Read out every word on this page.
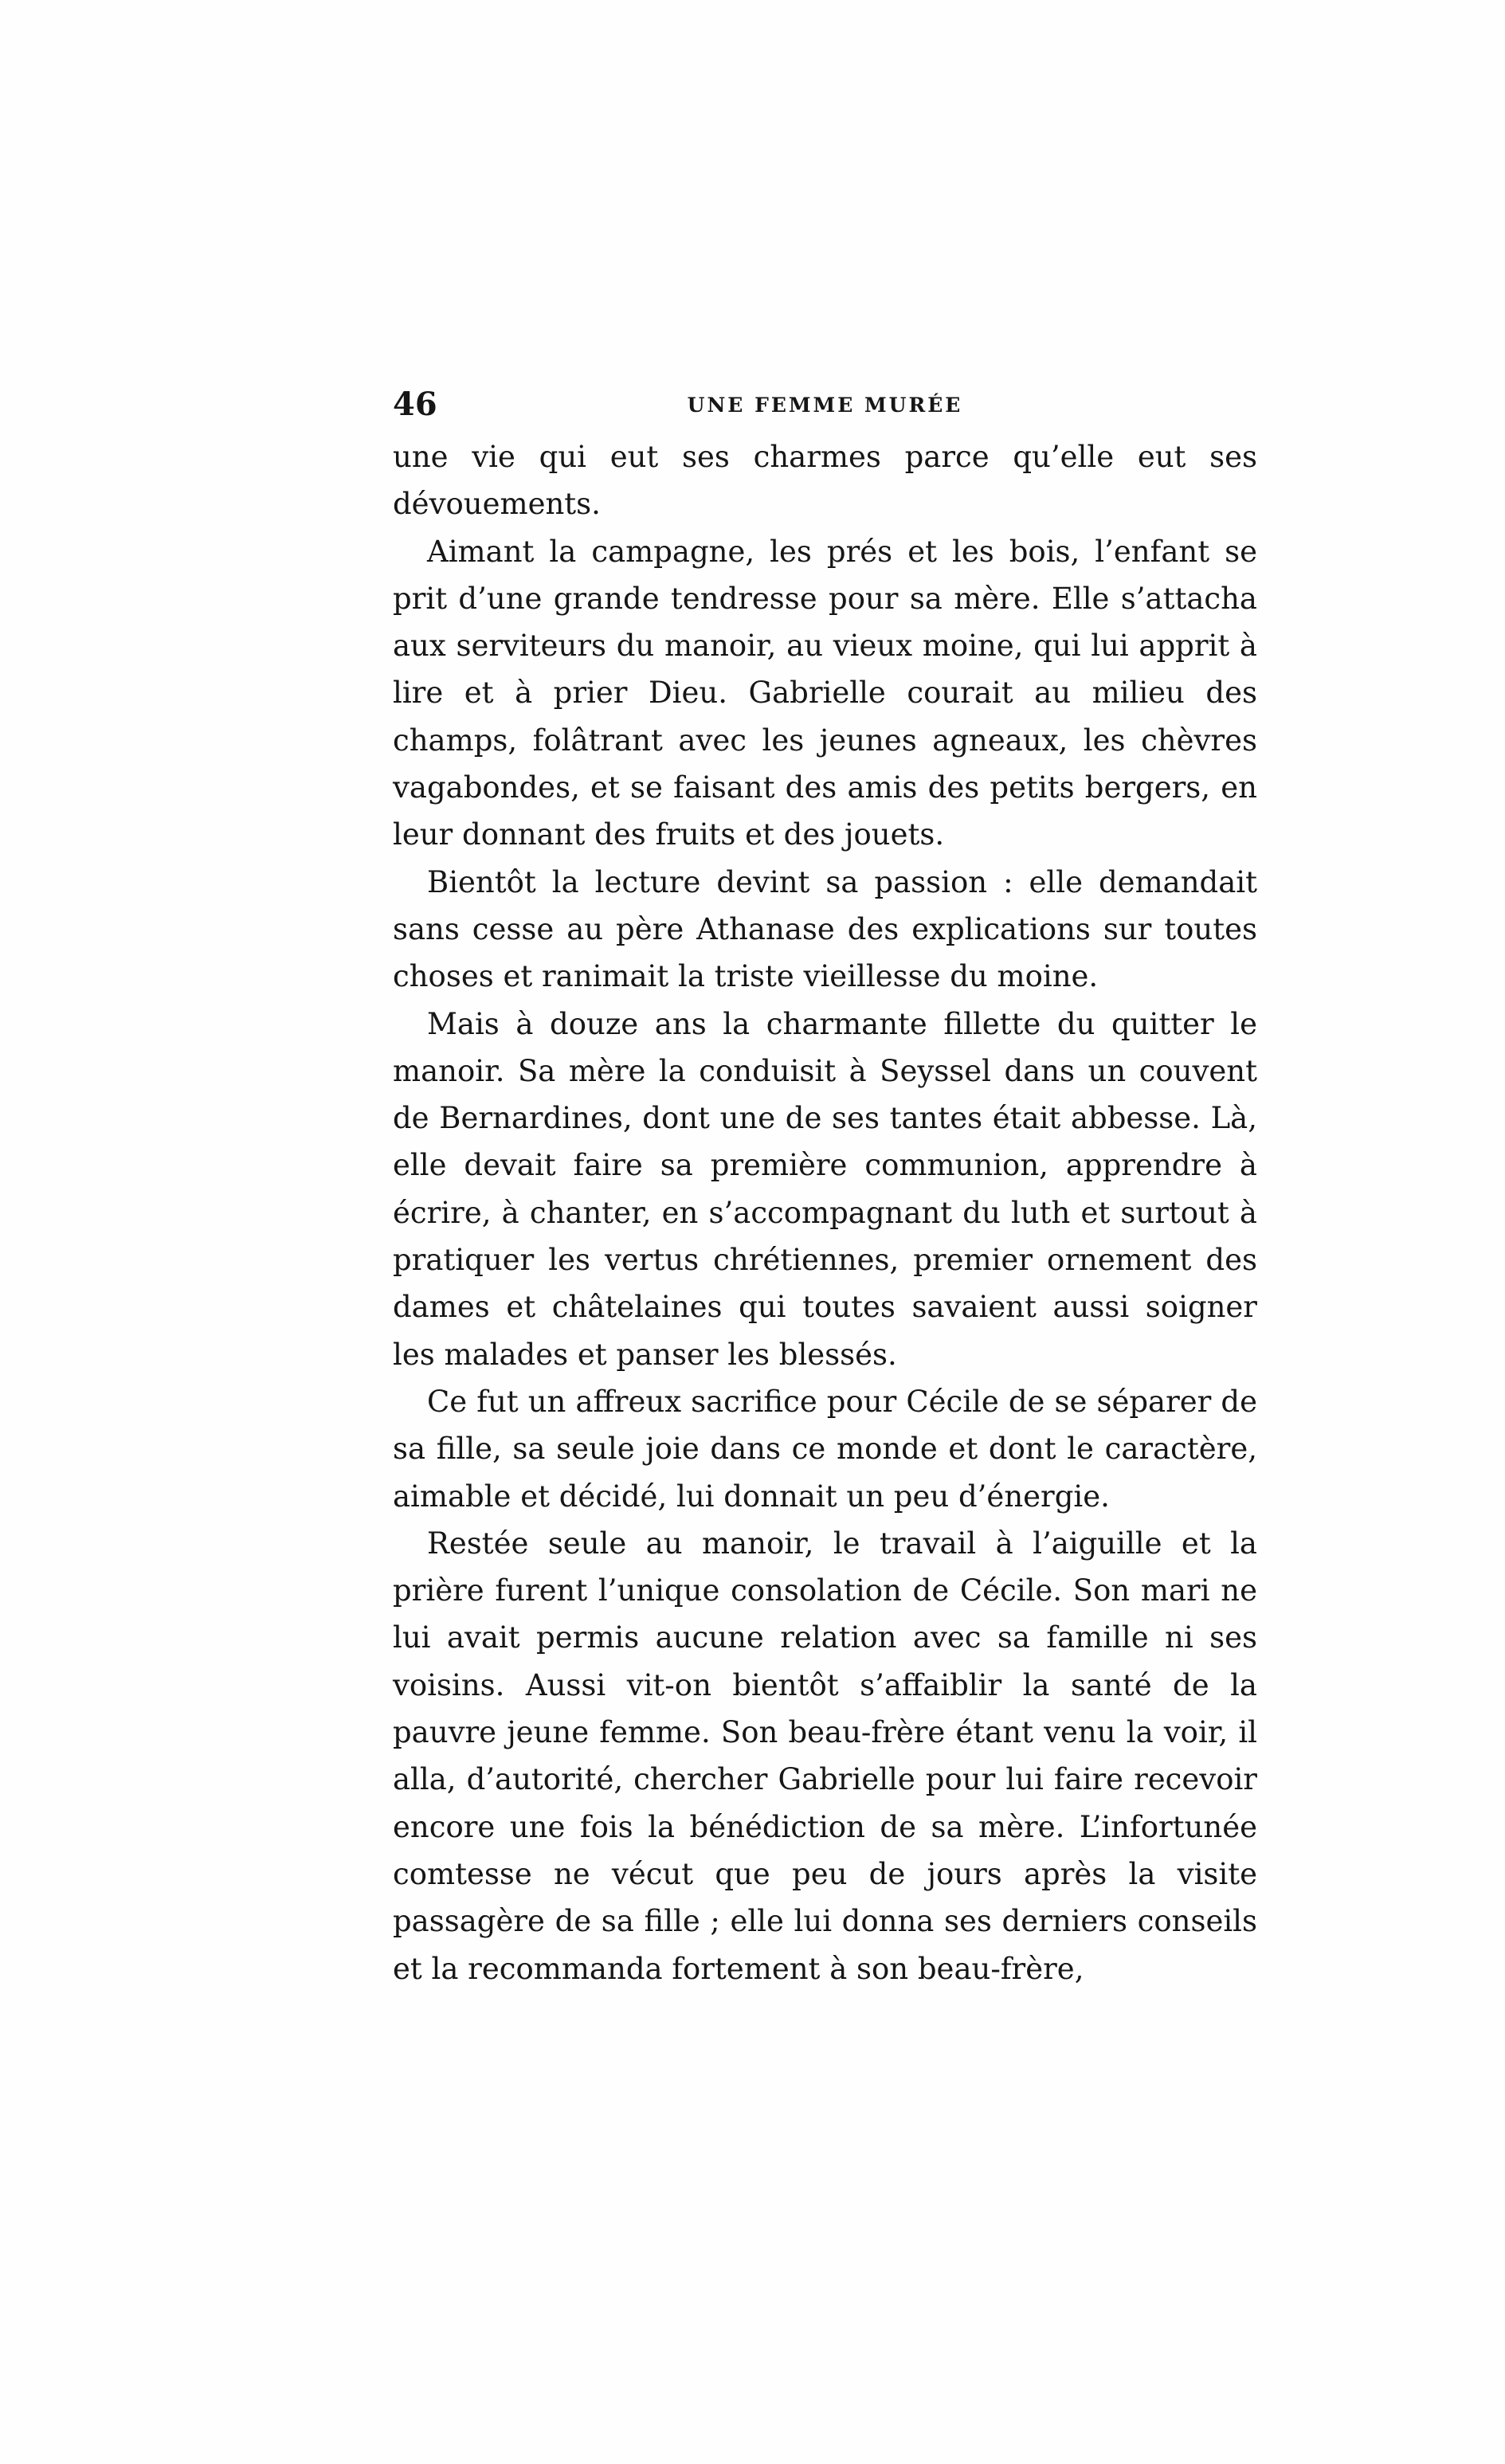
46	UNE FEMME MURÉE

une vie qui eut ses charmes parce qu’elle eut ses dévouements.

Aimant la campagne, les prés et les bois, l’enfant se prit d’une grande tendresse pour sa mère. Elle s’attacha aux serviteurs du manoir, au vieux moine, qui lui apprit à lire et à prier Dieu. Gabrielle courait au milieu des champs, folâtrant avec les jeunes agneaux, les chèvres vagabondes, et se faisant des amis des petits bergers, en leur donnant des fruits et des jouets.

Bientôt la lecture devint sa passion : elle demandait sans cesse au père Athanase des explications sur toutes choses et ranimait la triste vieillesse du moine.

Mais à douze ans la charmante fillette du quitter le manoir. Sa mère la conduisit à Seyssel dans un couvent de Bernardines, dont une de ses tantes était abbesse. Là, elle devait faire sa première communion, apprendre à écrire, à chanter, en s’accompagnant du luth et surtout à pratiquer les vertus chrétiennes, premier ornement des dames et châtelaines qui toutes savaient aussi soigner les malades et panser les blessés.

Ce fut un affreux sacrifice pour Cécile de se séparer de sa fille, sa seule joie dans ce monde et dont le caractère, aimable et décidé, lui donnait un peu d’énergie.

Restée seule au manoir, le travail à l’aiguille et la prière furent l’unique consolation de Cécile. Son mari ne lui avait permis aucune relation avec sa famille ni ses voisins. Aussi vit-on bientôt s’affaiblir la santé de la pauvre jeune femme. Son beau-frère étant venu la voir, il alla, d’autorité, chercher Gabrielle pour lui faire recevoir encore une fois la bénédiction de sa mère. L’infortunée comtesse ne vécut que peu de jours après la visite passagère de sa fille ; elle lui donna ses derniers conseils et la recommanda fortement à son beau-frère,
